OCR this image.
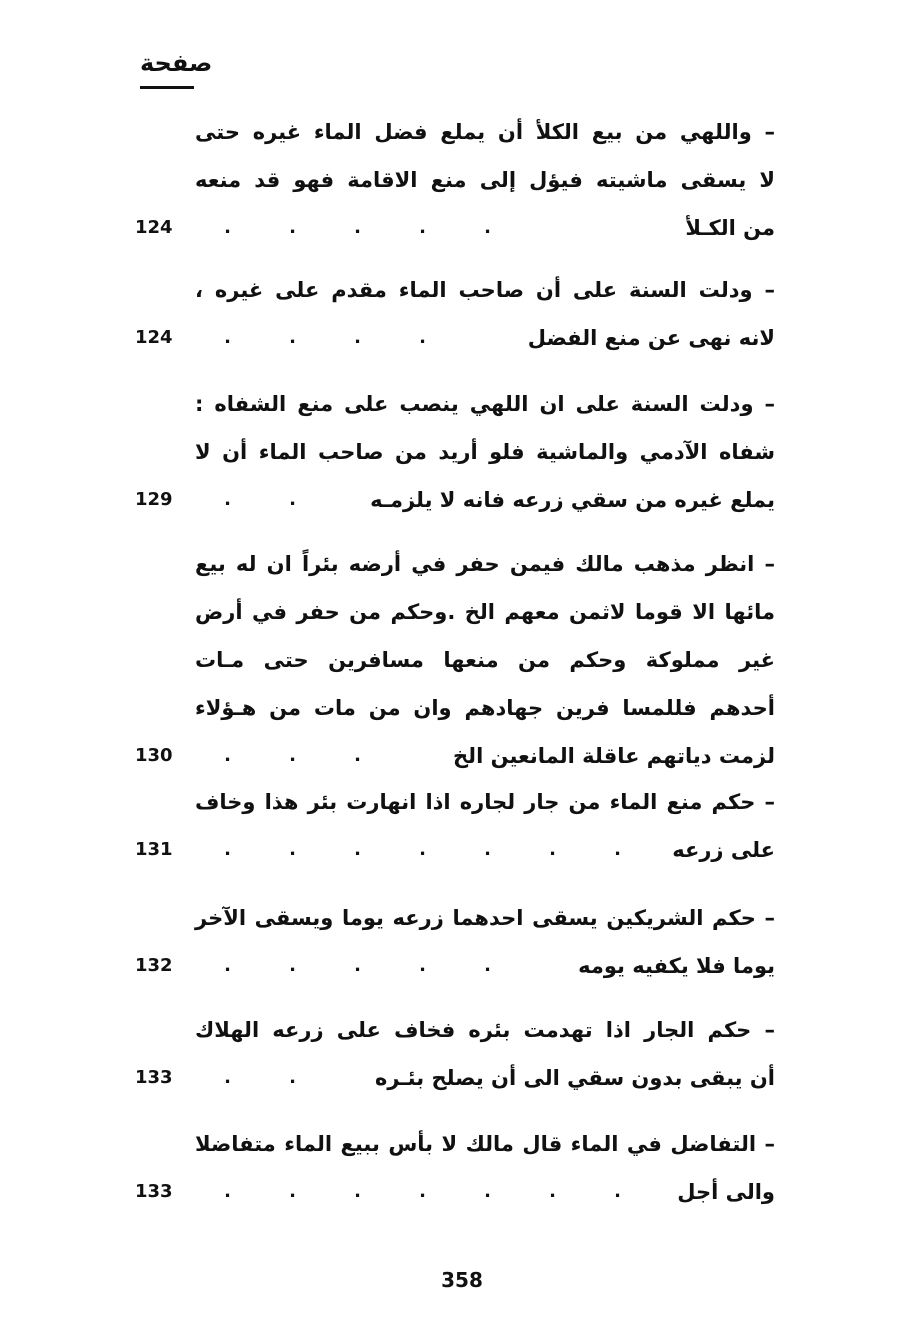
صفحة
– واللهي من بيع الكلأ أن يملع فضل الماء غيره حتى
لا يسقى ماشيته فيؤل إلى منع الاقامة فهو قد منعه
124	.	.	.	.	.	من الكـلأ
– ودلت السنة على أن صاحب الماء مقدم على غيره ،
124	.	.	.	.	لانه نهى عن منع الفضل
– ودلت السنة على ان اللهي ينصب على منع الشفاه :
شفاه الآدمي والماشية فلو أريد من صاحب الماء أن لا
129	.	.	يملع غيره من سقي زرعه فانه لا يلزمـه
– انظر مذهب مالك فيمن حفر في أرضه بئراً ان له بيع
مائها الا قوما لاثمن معهم الخ .وحكم من حفر في أرض
غير مملوكة وحكم من منعها مسافرين حتى مـات
أحدهم فللمسا فرين جهادهم وان من مات من هـؤلاء
130	.	.	.	لزمت دياتهم عاقلة المانعين الخ
– حكم منع الماء من جار لجاره اذا انهارت بئر هذا وخاف
131	.	.	.	.	.	.	.	على زرعه
– حكم الشريكين يسقى احدهما زرعه يوما ويسقى الآخر
132	.	.	.	.	.	يوما فلا يكفيه يومه
– حكم الجار اذا تهدمت بئره فخاف على زرعه الهلاك
133	.	.	أن يبقى بدون سقي الى أن يصلح بئـره
– التفاضل في الماء قال مالك لا بأس ببيع الماء متفاضلا
133	.	.	.	.	.	.	.	والى أجل
358
